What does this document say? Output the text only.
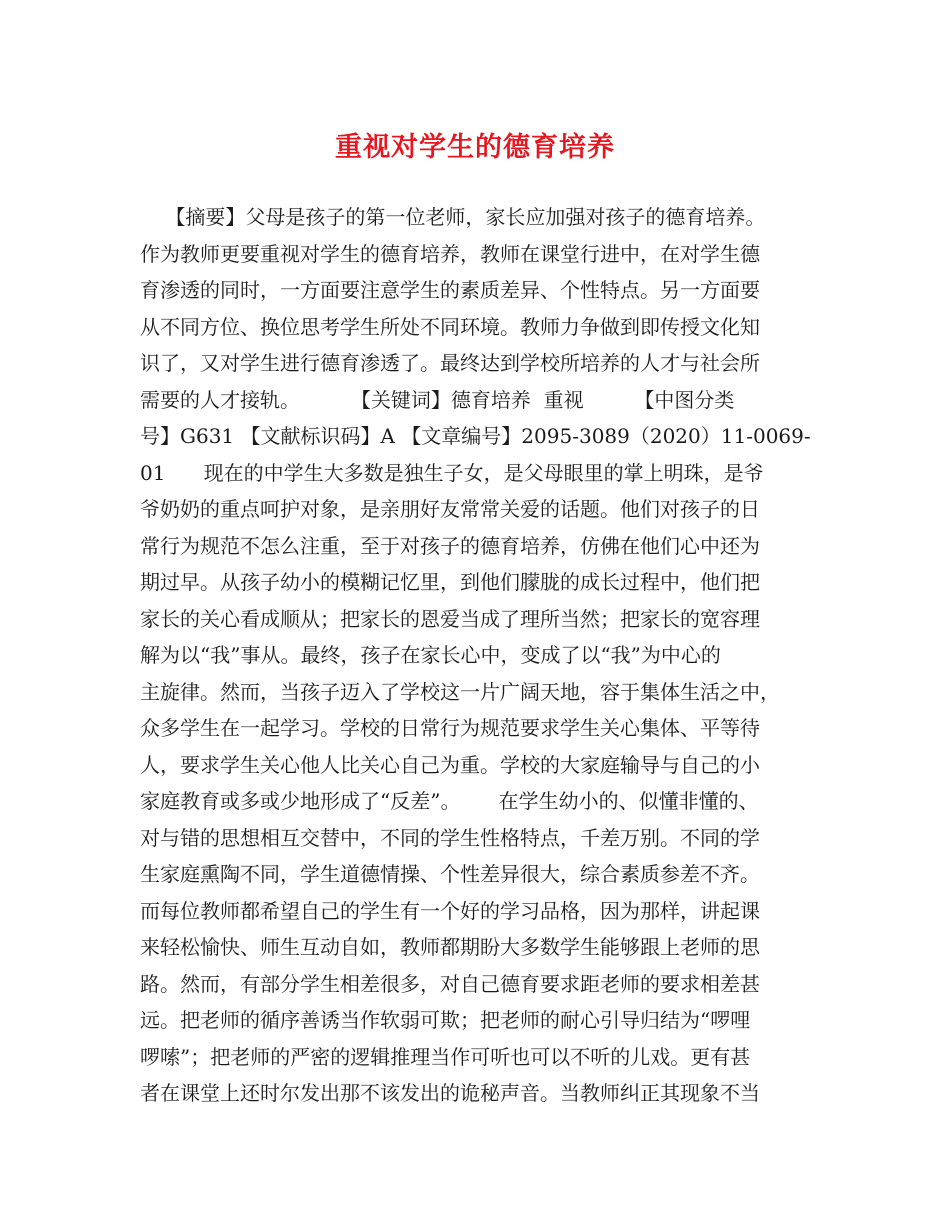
重视对学生的德育培养
【摘要】父母是孩子的第一位老师，家长应加强对孩子的德育培养。
作为教师更要重视对学生的德育培养，教师在课堂行进中，在对学生德
育渗透的同时，一方面要注意学生的素质差异、个性特点。另一方面要
从不同方位、换位思考学生所处不同环境。教师力争做到即传授文化知
识了，又对学生进行德育渗透了。最终达到学校所培养的人才与社会所
需要的人才接轨。        【关键词】德育培养  重视        【中图分类
号】G631 【文献标识码】A 【文章编号】2095-3089（2020）11-0069-
01      现在的中学生大多数是独生子女，是父母眼里的掌上明珠，是爷
爷奶奶的重点呵护对象，是亲朋好友常常关爱的话题。他们对孩子的日
常行为规范不怎么注重，至于对孩子的德育培养，仿佛在他们心中还为
期过早。从孩子幼小的模糊记忆里，到他们朦胧的成长过程中，他们把
家长的关心看成顺从；把家长的恩爱当成了理所当然；把家长的宽容理
解为以“我”事从。最终，孩子在家长心中，变成了以“我”为中心的
主旋律。然而，当孩子迈入了学校这一片广阔天地，容于集体生活之中，
众多学生在一起学习。学校的日常行为规范要求学生关心集体、平等待
人，要求学生关心他人比关心自己为重。学校的大家庭输导与自己的小
家庭教育或多或少地形成了“反差”。      在学生幼小的、似懂非懂的、
对与错的思想相互交替中，不同的学生性格特点，千差万别。不同的学
生家庭熏陶不同，学生道德情操、个性差异很大，综合素质参差不齐。
而每位教师都希望自己的学生有一个好的学习品格，因为那样，讲起课
来轻松愉快、师生互动自如，教师都期盼大多数学生能够跟上老师的思
路。然而，有部分学生相差很多，对自己德育要求距老师的要求相差甚
远。把老师的循序善诱当作软弱可欺；把老师的耐心引导归结为“啰哩
啰嗦”；把老师的严密的逻辑推理当作可听也可以不听的儿戏。更有甚
者在课堂上还时尔发出那不该发出的诡秘声音。当教师纠正其现象不当
